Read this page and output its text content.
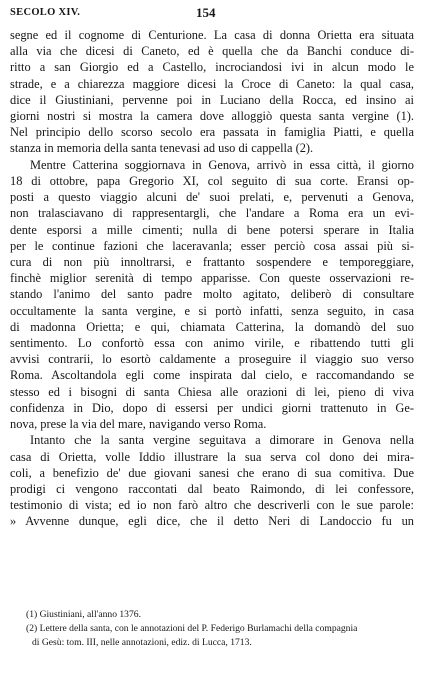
SECOLO XIV.	154
segne ed il cognome di Centurione. La casa di donna Orietta era situata
alla via che dicesi di Caneto, ed è quella che da Banchi conduce di-
ritto a san Giorgio ed a Castello, incrociandosi ivi in alcun modo le
strade, e a chiarezza maggiore dicesi la Croce di Caneto: la qual casa,
dice il Giustiniani, pervenne poi in Luciano della Rocca, ed insino ai
giorni nostri si mostra la camera dove alloggiò questa santa vergine (1).
Nel principio dello scorso secolo era passata in famiglia Piatti, e quella
stanza in memoria della santa tenevasi ad uso di cappella (2).
Mentre Catterina soggiornava in Genova, arrivò in essa città, il giorno
18 di ottobre, papa Gregorio XI, col seguito di sua corte. Eransi op-
posti a questo viaggio alcuni de' suoi prelati, e, pervenuti a Genova,
non tralasciavano di rappresentargli, che l'andare a Roma era un evi-
dente esporsi a mille cimenti; nulla di bene potersi sperare in Italia
per le continue fazioni che laceravanla; esser perciò cosa assai più si-
cura di non più innoltrarsi, e frattanto sospendere e temporeggiare,
finchè miglior serenità di tempo apparisse. Con queste osservazioni re-
stando l'animo del santo padre molto agitato, deliberò di consultare
occultamente la santa vergine, e si portò infatti, senza seguito, in casa
di madonna Orietta; e qui, chiamata Catterina, la domandò del suo
sentimento. Lo confortò essa con animo virile, e ribattendo tutti gli
avvisi contrarii, lo esortò caldamente a proseguire il viaggio suo verso
Roma. Ascoltandola egli come inspirata dal cielo, e raccomandando se
stesso ed i bisogni di santa Chiesa alle orazioni di lei, pieno di viva
confidenza in Dio, dopo di essersi per undici giorni trattenuto in Ge-
nova, prese la via del mare, navigando verso Roma.
Intanto che la santa vergine seguitava a dimorare in Genova nella
casa di Orietta, volle Iddio illustrare la sua serva col dono dei mira-
coli, a benefizio de' due giovani sanesi che erano di sua comitiva. Due
prodigi ci vengono raccontati dal beato Raimondo, di lei confessore,
testimonio di vista; ed io non farò altro che descriverli con le sue parole:
» Avvenne dunque, egli dice, che il detto Neri di Landoccio fu un
(1) Giustiniani, all'anno 1376.
(2) Lettere della santa, con le annotazioni del P. Federigo Burlamachi della compagnia
di Gesù: tom. III, nelle annotazioni, ediz. di Lucca, 1713.
